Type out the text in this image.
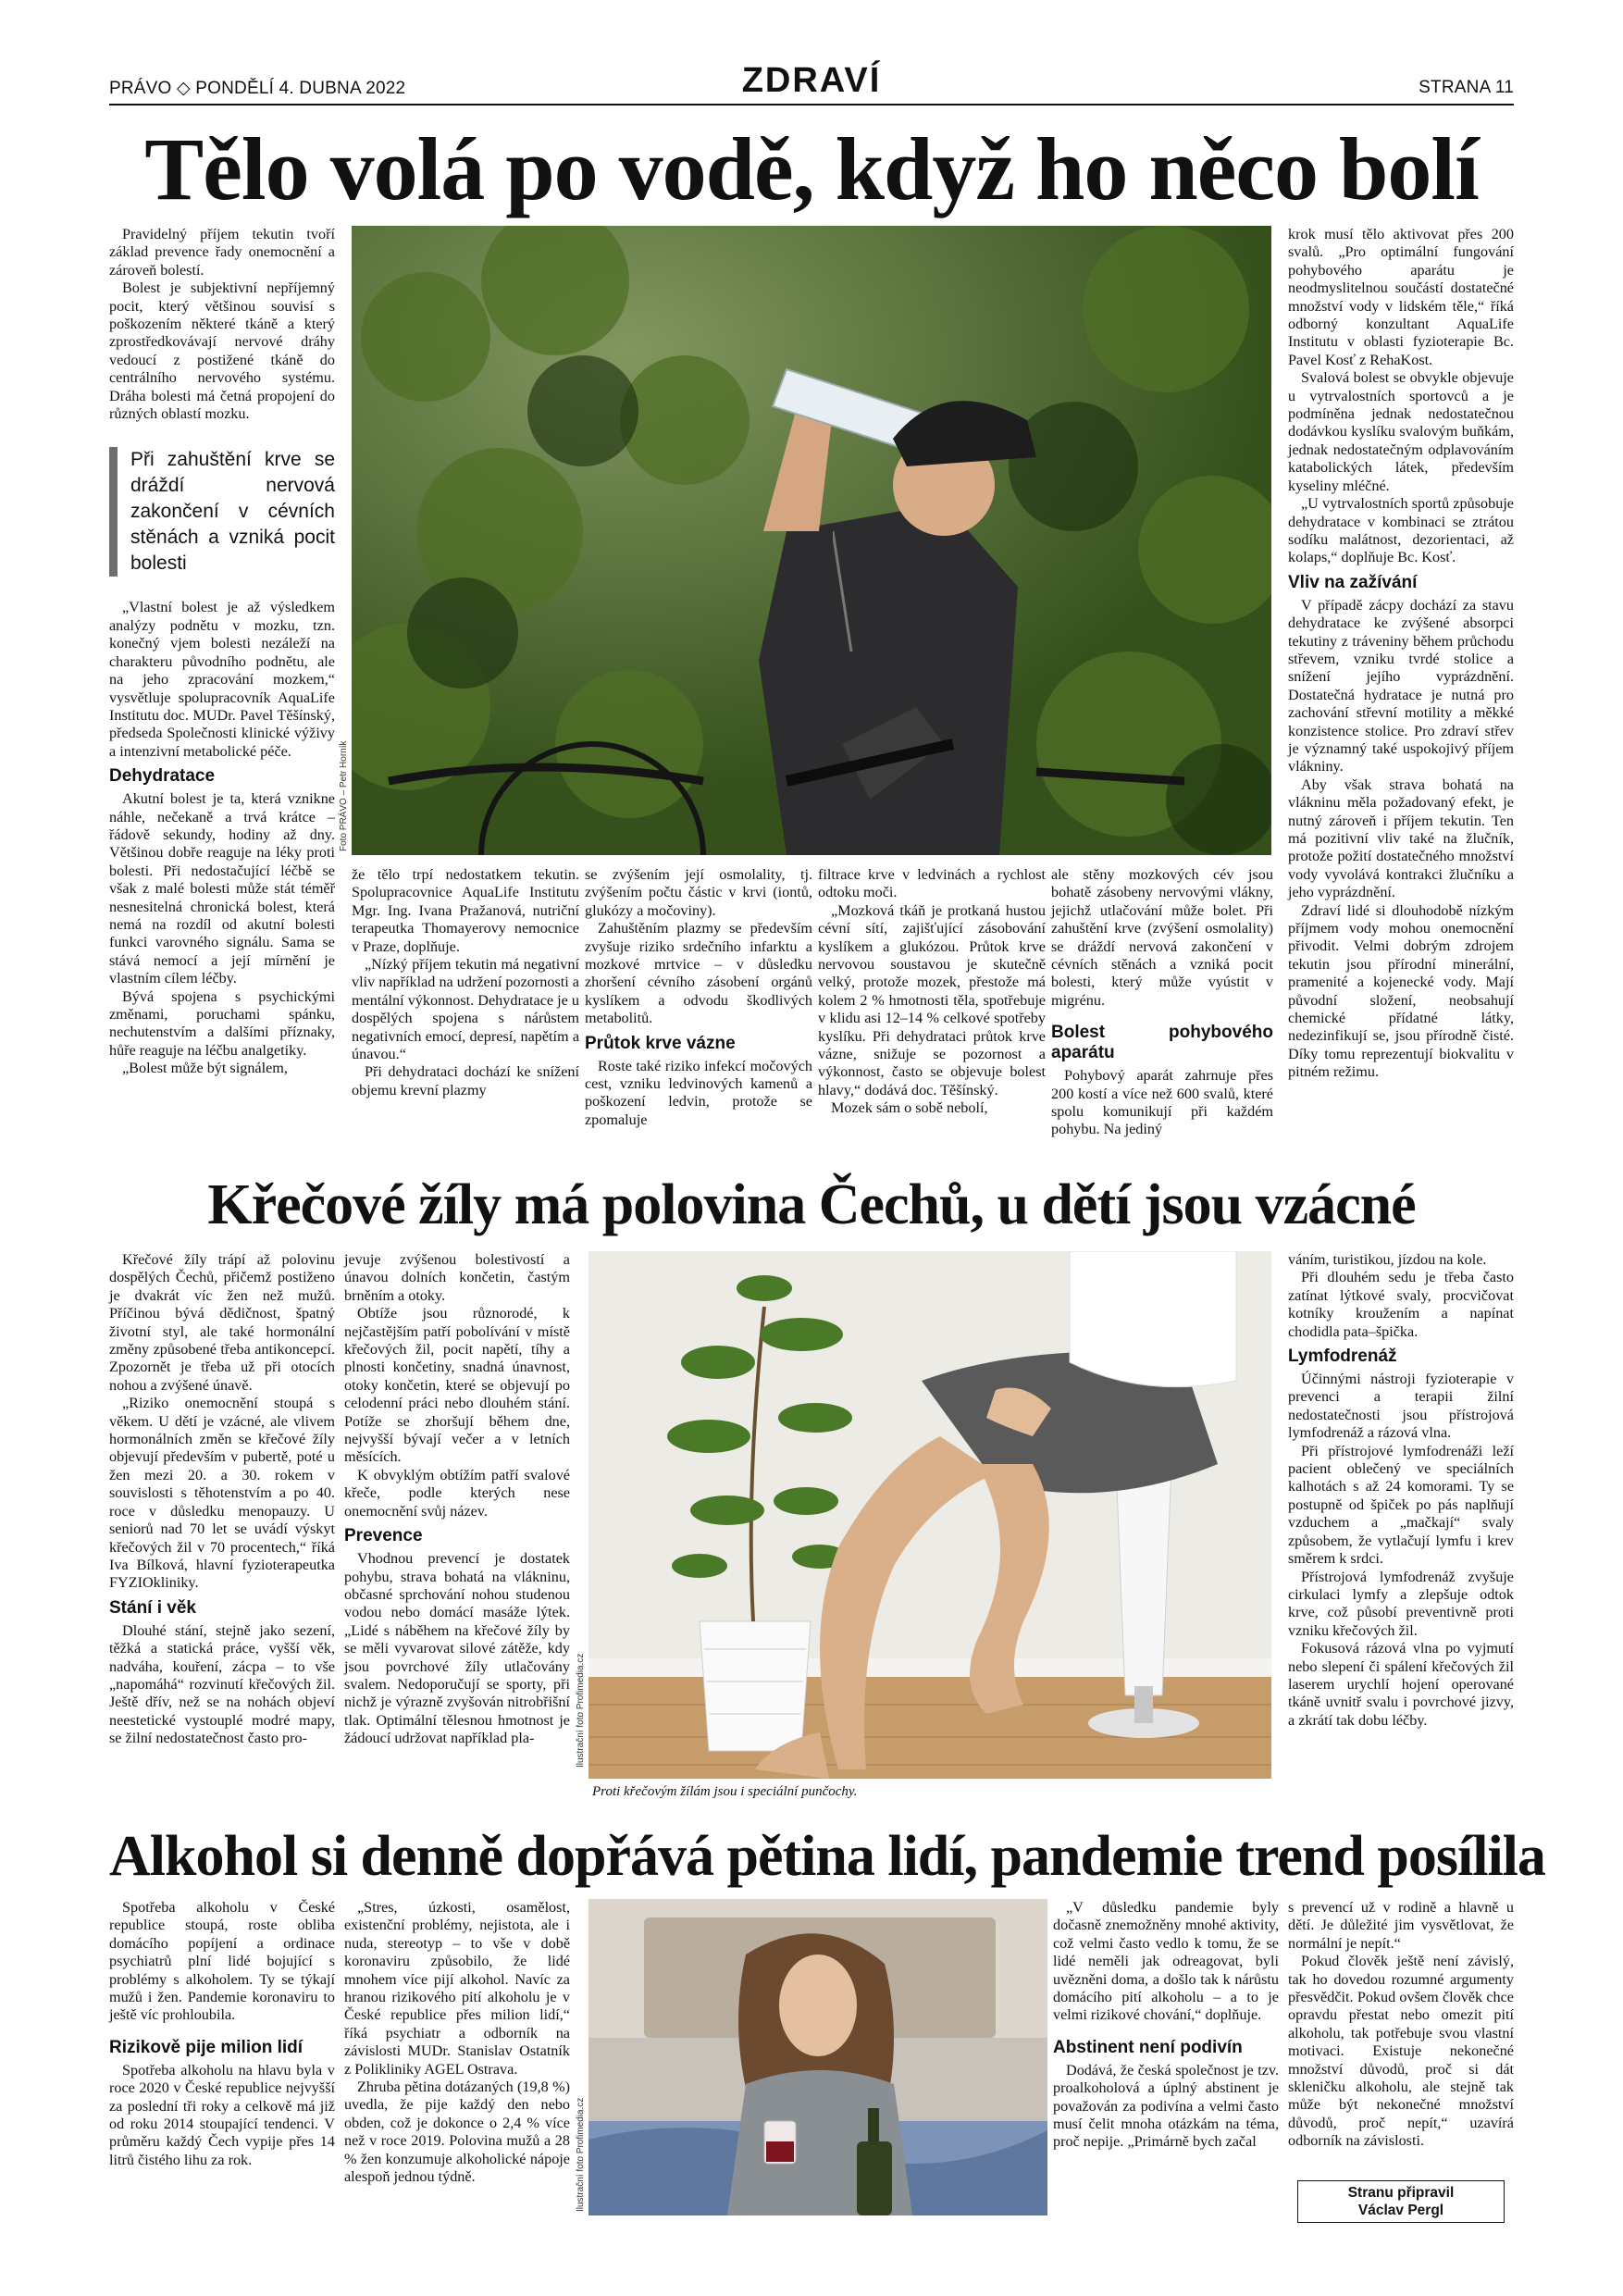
PRÁVO ◇ PONDĚLÍ 4. DUBNA 2022	ZDRAVÍ	STRANA 11
Tělo volá po vodě, když ho něco bolí

Pravidelný příjem tekutin tvoří základ prevence řady onemocnění a zároveň bolestí.

Bolest je subjektivní nepříjemný pocit, který většinou souvisí s poškozením některé tkáně a který zprostředkovávají nervové dráhy vedoucí z postižené tkáně do centrálního nervového systému. Dráha bolesti má četná propojení do různých oblastí mozku.

Při zahuštění krve se dráždí nervová zakončení v cévních stěnách a vzniká pocit bolesti

„Vlastní bolest je až výsledkem analýzy podnětu v mozku, tzn. konečný vjem bolesti nezáleží na charakteru původního podnětu, ale na jeho zpracování mozkem,“ vysvětluje spolupracovník AquaLife Institutu doc. MUDr. Pavel Těšínský, předseda Společnosti klinické výživy a intenzivní metabolické péče.

Dehydratace

Akutní bolest je ta, která vznikne náhle, nečekaně a trvá krátce – řádově sekundy, hodiny až dny. Většinou dobře reaguje na léky proti bolesti. Při nedostačující léčbě se však z malé bolesti může stát téměř nesnesitelná chronická bolest, která nemá na rozdíl od akutní bolesti funkci varovného signálu. Sama se stává nemocí a její mírnění je vlastním cílem léčby.

Bývá spojena s psychickými změnami, poruchami spánku, nechutenstvím a dalšími příznaky, hůře reaguje na léčbu analgetiky.

„Bolest může být signálem,

Foto PRÁVO – Petr Horník

že tělo trpí nedostatkem tekutin. Spolupracovnice AquaLife Institutu Mgr. Ing. Ivana Pražanová, nutriční terapeutka Thomayerovy nemocnice v Praze, doplňuje.

„Nízký příjem tekutin má negativní vliv například na udržení pozornosti a mentální výkonnost. Dehydratace je u dospělých spojena s nárůstem negativních emocí, depresí, napětím a únavou.“

Při dehydrataci dochází ke snížení objemu krevní plazmy

se zvýšením její osmolality, tj. zvýšením počtu částic v krvi (iontů, glukózy a močoviny).

Zahuštěním plazmy se především zvyšuje riziko srdečního infarktu a mozkové mrtvice – v důsledku zhoršení cévního zásobení orgánů kyslíkem a odvodu škodlivých metabolitů.

Průtok krve vázne

Roste také riziko infekcí močových cest, vzniku ledvinových kamenů a poškození ledvin, protože se zpomaluje

filtrace krve v ledvinách a rychlost odtoku moči.

„Mozková tkáň je protkaná hustou cévní sítí, zajišťující zásobování kyslíkem a glukózou. Průtok krve nervovou soustavou je skutečně velký, protože mozek, přestože má kolem 2 % hmotnosti těla, spotřebuje v klidu asi 12–14 % celkové spotřeby kyslíku. Při dehydrataci průtok krve vázne, snižuje se pozornost a výkonnost, často se objevuje bolest hlavy,“ dodává doc. Těšínský.

Mozek sám o sobě nebolí,

ale stěny mozkových cév jsou bohatě zásobeny nervovými vlákny, jejichž utlačování může bolet. Při zahuštění krve (zvýšení osmolality) se dráždí nervová zakončení v cévních stěnách a vzniká pocit bolesti, který může vyústit v migrénu.

Bolest pohybového aparátu

Pohybový aparát zahrnuje přes 200 kostí a více než 600 svalů, které spolu komunikují při každém pohybu. Na jediný

krok musí tělo aktivovat přes 200 svalů. „Pro optimální fungování pohybového aparátu je neodmyslitelnou součástí dostatečné množství vody v lidském těle,“ říká odborný konzultant AquaLife Institutu v oblasti fyzioterapie Bc. Pavel Kosť z RehaKost.

Svalová bolest se obvykle objevuje u vytrvalostních sportovců a je podmíněna jednak nedostatečnou dodávkou kyslíku svalovým buňkám, jednak nedostatečným odplavováním katabolických látek, především kyseliny mléčné.

„U vytrvalostních sportů způsobuje dehydratace v kombinaci se ztrátou sodíku malátnost, dezorientaci, až kolaps,“ doplňuje Bc. Kosť.

Vliv na zažívání

V případě zácpy dochází za stavu dehydratace ke zvýšené absorpci tekutiny z tráveniny během průchodu střevem, vzniku tvrdé stolice a snížení jejího vyprázdnění. Dostatečná hydratace je nutná pro zachování střevní motility a měkké konzistence stolice. Pro zdraví střev je významný také uspokojivý příjem vlákniny.

Aby však strava bohatá na vlákninu měla požadovaný efekt, je nutný zároveň i příjem tekutin. Ten má pozitivní vliv také na žlučník, protože požití dostatečného množství vody vyvolává kontrakci žlučníku a jeho vyprázdnění.

Zdraví lidé si dlouhodobě nízkým příjmem vody mohou onemocnění přivodit. Velmi dobrým zdrojem tekutin jsou přírodní minerální, pramenité a kojenecké vody. Mají původní složení, neobsahují chemické přídatné látky, nedezinfikují se, jsou přírodně čisté. Díky tomu reprezentují biokvalitu v pitném režimu.

Křečové žíly má polovina Čechů, u dětí jsou vzácné

Křečové žíly trápí až polovinu dospělých Čechů, přičemž postiženo je dvakrát víc žen než mužů. Příčinou bývá dědičnost, špatný životní styl, ale také hormonální změny způsobené třeba antikoncepcí. Zpozornět je třeba už při otocích nohou a zvýšené únavě.

„Riziko onemocnění stoupá s věkem. U dětí je vzácné, ale vlivem hormonálních změn se křečové žíly objevují především v pubertě, poté u žen mezi 20. a 30. rokem v souvislosti s těhotenstvím a po 40. roce v důsledku menopauzy. U seniorů nad 70 let se uvádí výskyt křečových žil v 70 procentech,“ říká Iva Bílková, hlavní fyzioterapeutka FYZIOkliniky.

Stání i věk

Dlouhé stání, stejně jako sezení, těžká a statická práce, vyšší věk, nadváha, kouření, zácpa – to vše „napomáhá“ rozvinutí křečových žil. Ještě dřív, než se na nohách objeví neestetické vystouplé modré mapy, se žilní nedostatečnost často pro-

jevuje zvýšenou bolestivostí a únavou dolních končetin, častým brněním a otoky.

Obtíže jsou různorodé, k nejčastějším patří pobolívání v místě křečových žil, pocit napětí, tíhy a plnosti končetiny, snadná únavnost, otoky končetin, které se objevují po celodenní práci nebo dlouhém stání. Potíže se zhoršují během dne, nejvyšší bývají večer a v letních měsících.

K obvyklým obtížím patří svalové křeče, podle kterých nese onemocnění svůj název.

Prevence

Vhodnou prevencí je dostatek pohybu, strava bohatá na vlákninu, občasné sprchování nohou studenou vodou nebo domácí masáže lýtek. „Lidé s náběhem na křečové žíly by se měli vyvarovat silové zátěže, kdy jsou povrchové žíly utlačovány svalem. Nedoporučují se sporty, při nichž je výrazně zvyšován nitrobřišní tlak. Optimální tělesnou hmotnost je žádoucí udržovat například pla-	Ilustrační foto Profimedia.cz
Proti křečovým žílám jsou i speciální punčochy.

váním, turistikou, jízdou na kole.

Při dlouhém sedu je třeba často zatínat lýtkové svaly, procvičovat kotníky kroužením a napínat chodidla pata–špička.

Lymfodrenáž

Účinnými nástroji fyzioterapie v prevenci a terapii žilní nedostatečnosti jsou přístrojová lymfodrenáž a rázová vlna.

Při přístrojové lymfodrenáži leží pacient oblečený ve speciálních kalhotách s až 24 komorami. Ty se postupně od špiček po pás naplňují vzduchem a „mačkají“ svaly způsobem, že vytlačují lymfu i krev směrem k srdci.

Přístrojová lymfodrenáž zvyšuje cirkulaci lymfy a zlepšuje odtok krve, což působí preventivně proti vzniku křečových žil.

Fokusová rázová vlna po vyjmutí nebo slepení či spálení křečových žil laserem urychlí hojení operované tkáně uvnitř svalu i povrchové jizvy, a zkrátí tak dobu léčby.

Alkohol si denně dopřává pětina lidí, pandemie trend posílila

Spotřeba alkoholu v České republice stoupá, roste obliba domácího popíjení a ordinace psychiatrů plní lidé bojující s problémy s alkoholem. Ty se týkají mužů i žen. Pandemie koronaviru to ještě víc prohloubila.

Rizikově pije milion lidí

Spotřeba alkoholu na hlavu byla v roce 2020 v České republice nejvyšší za poslední tři roky a celkově má již od roku 2014 stoupající tendenci. V průměru každý Čech vypije přes 14 litrů čistého lihu za rok.

„Stres, úzkosti, osamělost, existenční problémy, nejistota, ale i nuda, stereotyp – to vše v době koronaviru způsobilo, že lidé mnohem více pijí alkohol. Navíc za hranou rizikového pití alkoholu je v České republice přes milion lidí,“ říká psychiatr a odborník na závislosti MUDr. Stanislav Ostatník z Polikliniky AGEL Ostrava.

Zhruba pětina dotázaných (19,8 %) uvedla, že pije každý den nebo obden, což je dokonce o 2,4 % více než v roce 2019. Polovina mužů a 28 % žen konzumuje alkoholické nápoje alespoň jednou týdně.	Ilustrační foto Profimedia.cz

„V důsledku pandemie byly dočasně znemožněny mnohé aktivity, což velmi často vedlo k tomu, že se lidé neměli jak odreagovat, byli uvězněni doma, a došlo tak k nárůstu domácího pití alkoholu – a to je velmi rizikové chování,“ doplňuje.

Abstinent není podivín

Dodává, že česká společnost je tzv. proalkoholová a úplný abstinent je považován za podivína a velmi často musí čelit mnoha otázkám na téma, proč nepije. „Primárně bych začal

s prevencí už v rodině a hlavně u dětí. Je důležité jim vysvětlovat, že normální je nepít.“

Pokud člověk ještě není závislý, tak ho dovedou rozumné argumenty přesvědčit. Pokud ovšem člověk chce opravdu přestat nebo omezit pití alkoholu, tak potřebuje svou vlastní motivaci. Existuje nekonečné množství důvodů, proč si dát skleničku alkoholu, ale stejně tak může být nekonečné množství důvodů, proč nepít,“ uzavírá odborník na závislosti.

Stranu připravil
Václav Pergl
